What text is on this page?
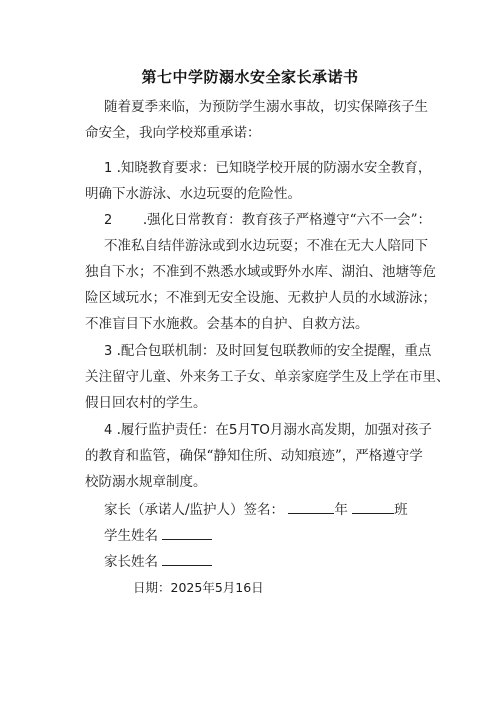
第七中学防溺水安全家长承诺书
随着夏季来临，为预防学生溺水事故，切实保障孩子生
命安全，我向学校郑重承诺：
1 .知晓教育要求：已知晓学校开展的防溺水安全教育，
明确下水游泳、水边玩耍的危险性。
2 .强化日常教育：教育孩子严格遵守“六不一会”：
不准私自结伴游泳或到水边玩耍；不准在无大人陪同下
独自下水；不准到不熟悉水域或野外水库、湖泊、池塘等危
险区域玩水；不准到无安全设施、无救护人员的水域游泳；
不准盲目下水施救。会基本的自护、自救方法。
3 .配合包联机制：及时回复包联教师的安全提醒，重点
关注留守儿童、外来务工子女、单亲家庭学生及上学在市里、
假日回农村的学生。
4 .履行监护责任：在5月TO月溺水高发期，加强对孩子
的教育和监管，确保“静知住所、动知痕迹”，严格遵守学
校防溺水规章制度。
家长（承诺人/监护人）签名：	年	班
学生姓名
家长姓名
日期：2025年5月16日
